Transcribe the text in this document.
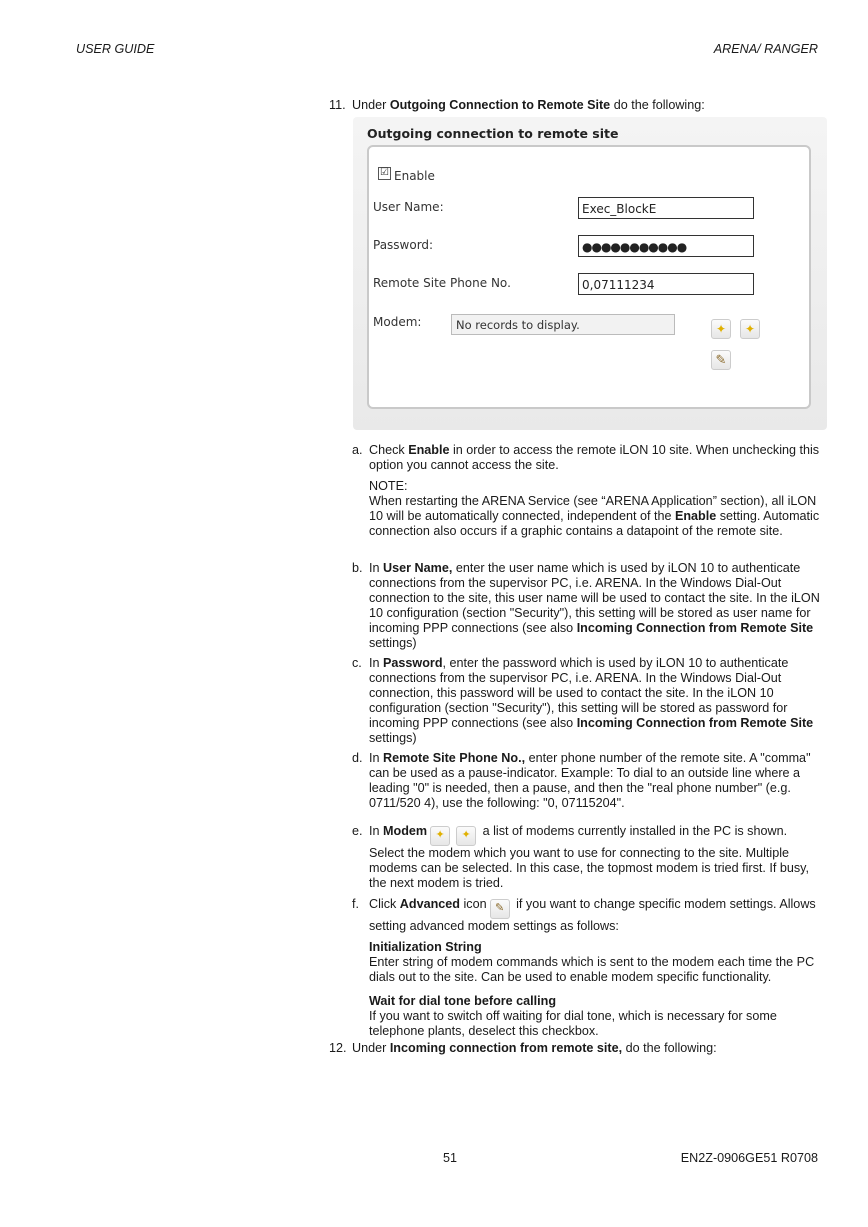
USER GUIDE	ARENA/ RANGER
11. Under Outgoing Connection to Remote Site do the following:
Outgoing connection to remote site
☑ Enable
User Name:	Exec_BlockE
Password:	●●●●●●●●●●●
Remote Site Phone No.	0,07111234
Modem:	No records to display.	✦	✦
✎
a. Check Enable in order to access the remote iLON 10 site. When unchecking this option you cannot access the site.
NOTE:
When restarting the ARENA Service (see “ARENA Application” section), all iLON 10 will be automatically connected, independent of the Enable setting. Automatic connection also occurs if a graphic contains a datapoint of the remote site.
b. In User Name, enter the user name which is used by iLON 10 to authenticate connections from the supervisor PC, i.e. ARENA. In the Windows Dial-Out connection to the site, this user name will be used to contact the site. In the iLON 10 configuration (section "Security"), this setting will be stored as user name for incoming PPP connections (see also Incoming Connection from Remote Site settings)
c. In Password, enter the password which is used by iLON 10 to authenticate connections from the supervisor PC, i.e. ARENA. In the Windows Dial-Out connection, this password will be used to contact the site. In the iLON 10 configuration (section "Security"), this setting will be stored as password for incoming PPP connections (see also Incoming Connection from Remote Site settings)
d. In Remote Site Phone No., enter phone number of the remote site. A "comma" can be used as a pause-indicator. Example: To dial to an outside line where a leading "0" is needed, then a pause, and then the "real phone number" (e.g. 0711/520 4), use the following: "0, 07115204".
e. In Modem ✦ ✦ a list of modems currently installed in the PC is shown. Select the modem which you want to use for connecting to the site. Multiple modems can be selected. In this case, the topmost modem is tried first. If busy, the next modem is tried.
f. Click Advanced icon ✎ if you want to change specific modem settings. Allows setting advanced modem settings as follows:
Initialization String
Enter string of modem commands which is sent to the modem each time the PC dials out to the site. Can be used to enable modem specific functionality.
Wait for dial tone before calling
If you want to switch off waiting for dial tone, which is necessary for some telephone plants, deselect this checkbox.
12. Under Incoming connection from remote site, do the following:
51	EN2Z-0906GE51 R0708
